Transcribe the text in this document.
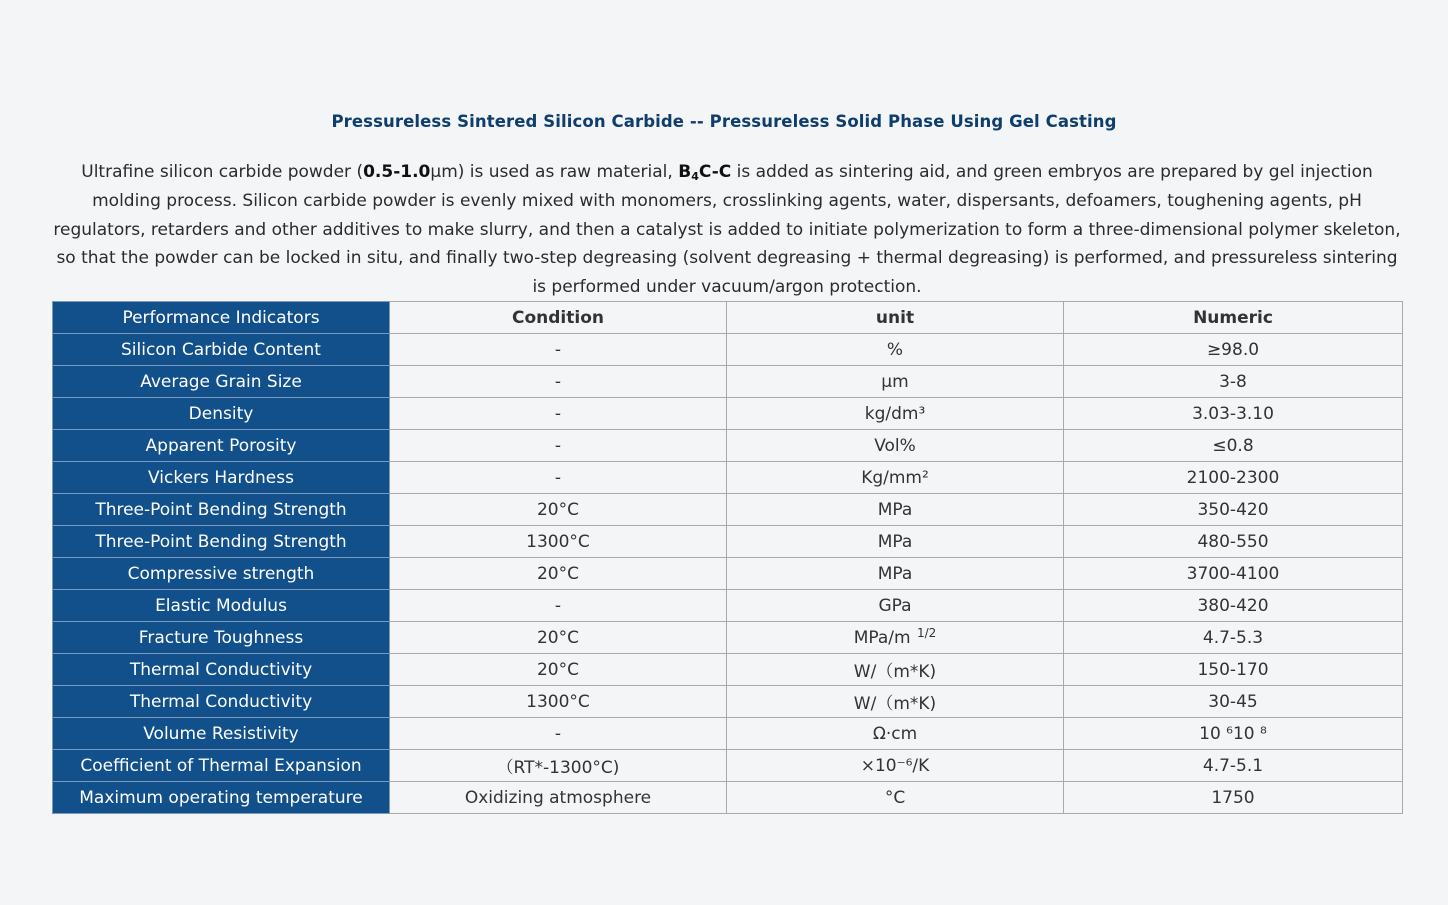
Pressureless Sintered Silicon Carbide -- Pressureless Solid Phase Using Gel Casting
Ultrafine silicon carbide powder (0.5-1.0μm) is used as raw material, $B_4C-C$ is added as sintering aid, and green embryos are prepared by gel injection molding process. Silicon carbide powder is evenly mixed with monomers, crosslinking agents, water, dispersants, defoamers, toughening agents, pH regulators, retarders and other additives to make slurry, and then a catalyst is added to initiate polymerization to form a three-dimensional polymer skeleton, so that the powder can be locked in situ, and finally two-step degreasing (solvent degreasing + thermal degreasing) is performed, and pressureless sintering is performed under vacuum/argon protection.
Performance Indicators	Condition	unit	Numeric
Silicon Carbide Content	-	%	≥98.0
Average Grain Size	-	μm	3-8
Density	-	kg/dm³	3.03-3.10
Apparent Porosity	-	Vol%	≤0.8
Vickers Hardness	-	Kg/mm²	2100-2300
Three-Point Bending Strength	20°C	MPa	350-420
Three-Point Bending Strength	1300°C	MPa	480-550
Compressive strength	20°C	MPa	3700-4100
Elastic Modulus	-	GPa	380-420
Fracture Toughness	20°C	MPa/m $^{1/2}$	4.7-5.3
Thermal Conductivity	20°C	W/（m*K)	150-170
Thermal Conductivity	1300°C	W/（m*K)	30-45
Volume Resistivity	-	Ω·cm	10 ⁶10 ⁸
Coefficient of Thermal Expansion	（RT*-1300°C)	×10⁻⁶/K	4.7-5.1
Maximum operating temperature	Oxidizing atmosphere	°C	1750
